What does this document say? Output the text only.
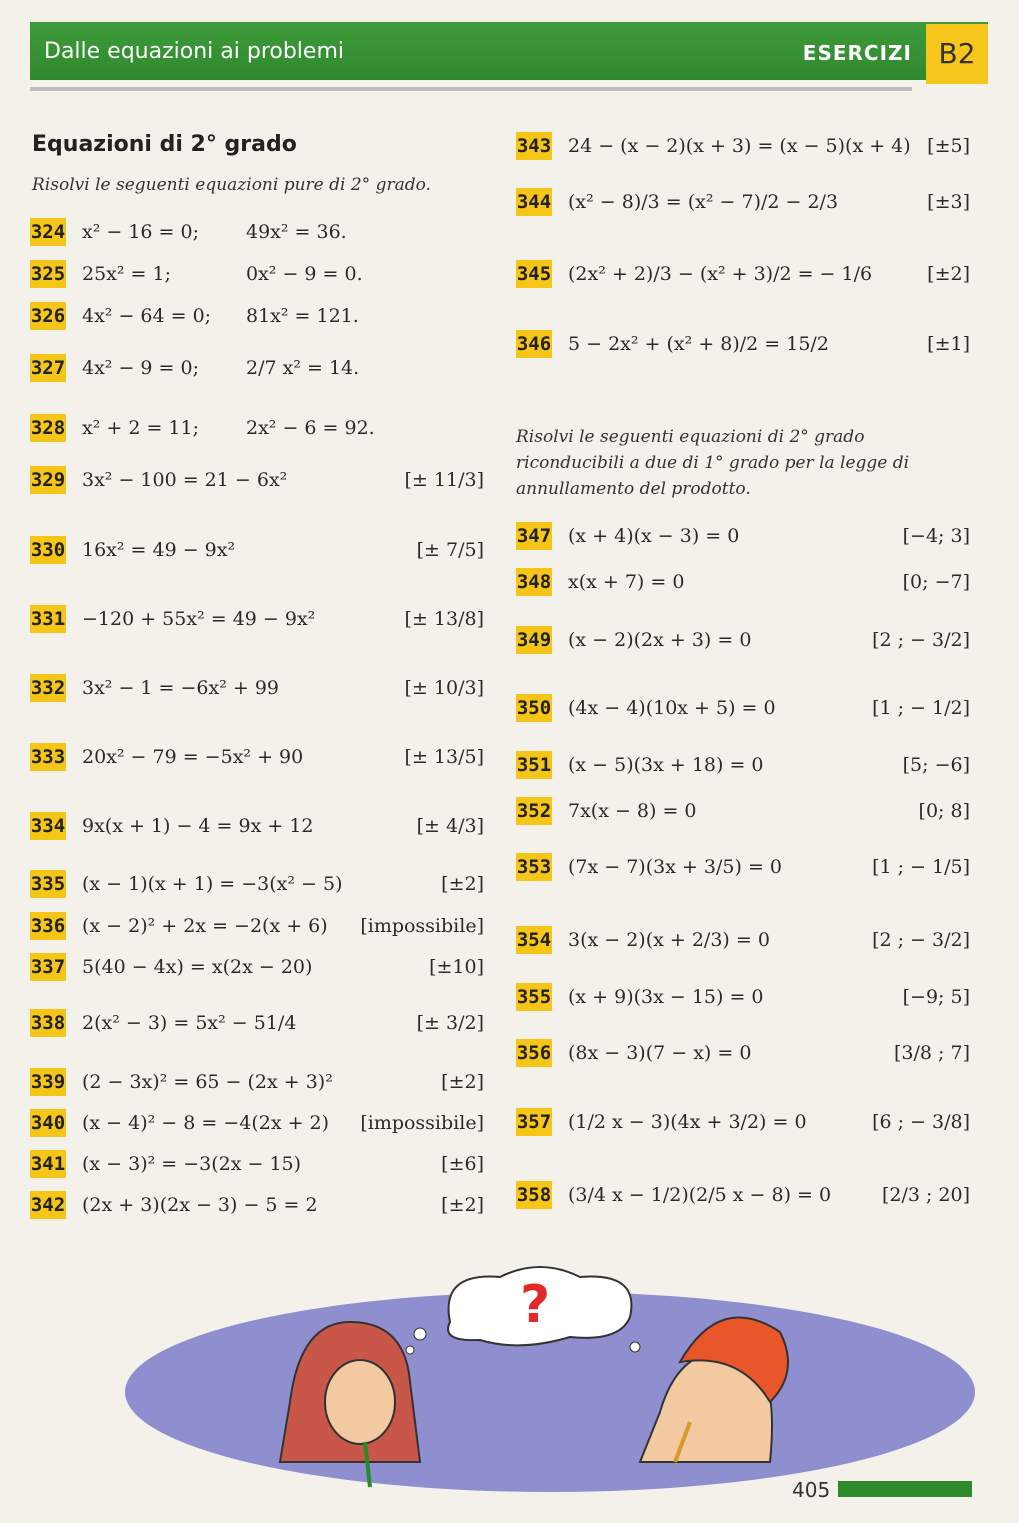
Dalle equazioni ai problemi	ESERCIZI B2
Equazioni di 2° grado
Risolvi le seguenti equazioni pure di 2° grado.
Risolvi le seguenti equazioni di 2° grado riconducibili a due di 1° grado per la legge di annullamento del prodotto.
324 x² − 16 = 0; 49x² = 36.
325 25x² = 1;	0x² − 9 = 0.
326 4x² − 64 = 0; 81x² = 121.
327 4x² − 9 = 0; 2/7 x² = 14.
328 x² + 2 = 11; 2x² − 6 = 92.
329 3x² − 100 = 21 − 6x²	[± 11/3]
330 16x² = 49 − 9x²	[± 7/5]
331 −120 + 55x² = 49 − 9x²	[± 13/8]
332 3x² − 1 = −6x² + 99	[± 10/3]
333 20x² − 79 = −5x² + 90	[± 13/5]
334 9x(x + 1) − 4 = 9x + 12	[± 4/3]
335 (x − 1)(x + 1) = −3(x² − 5)	[±2]
336 (x − 2)² + 2x = −2(x + 6) [impossibile]
337 5(40 − 4x) = x(2x − 20)	[±10]
338 2(x² − 3) = 5x² − 51/4	[± 3/2]
339 (2 − 3x)² = 65 − (2x + 3)²	[±2]
340 (x − 4)² − 8 = −4(2x + 2) [impossibile]
341 (x − 3)² = −3(2x − 15)	[±6]
342 (2x + 3)(2x − 3) − 5 = 2	[±2]
343 24 − (x − 2)(x + 3) = (x − 5)(x + 4) [±5]
344 (x² − 8)/3 = (x² − 7)/2 − 2/3	[±3]
345 (2x² + 2)/3 − (x² + 3)/2 = − 1/6	[±2]
346 5 − 2x² + (x² + 8)/2 = 15/2	[±1]
347 (x + 4)(x − 3) = 0	[−4; 3]
348 x(x + 7) = 0	[0; −7]
349 (x − 2)(2x + 3) = 0	[2 ; − 3/2]
350 (4x − 4)(10x + 5) = 0	[1 ; − 1/2]
351 (x − 5)(3x + 18) = 0	[5; −6]
352 7x(x − 8) = 0	[0; 8]
353 (7x − 7)(3x + 3/5) = 0	[1 ; − 1/5]
354 3(x − 2)(x + 2/3) = 0	[2 ; − 3/2]
355 (x + 9)(3x − 15) = 0	[−9; 5]
356 (8x − 3)(7 − x) = 0	[3/8 ; 7]
357 (1/2 x − 3)(4x + 3/2) = 0	[6 ; − 3/8]
358 (3/4 x − 1/2)(2/5 x − 8) = 0	[2/3 ; 20]
?
405
